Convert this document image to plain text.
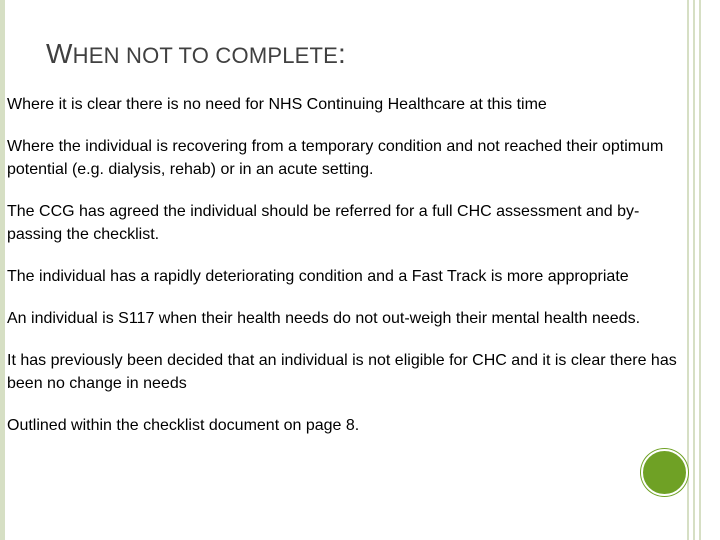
WHEN NOT TO COMPLETE:
Where it is clear there is no need for NHS Continuing Healthcare at this time
Where the individual is recovering from a temporary condition and not reached their optimum potential (e.g. dialysis, rehab) or in an acute setting.
The CCG has agreed the individual should be referred for a full CHC assessment and by-passing the checklist.
The individual has a rapidly deteriorating condition and a Fast Track is more appropriate
An individual is S117 when their health needs do not out-weigh their mental health needs.
It has previously been decided that an individual is not eligible for CHC and it is clear there has been no change in needs
Outlined within the checklist document on page 8.
